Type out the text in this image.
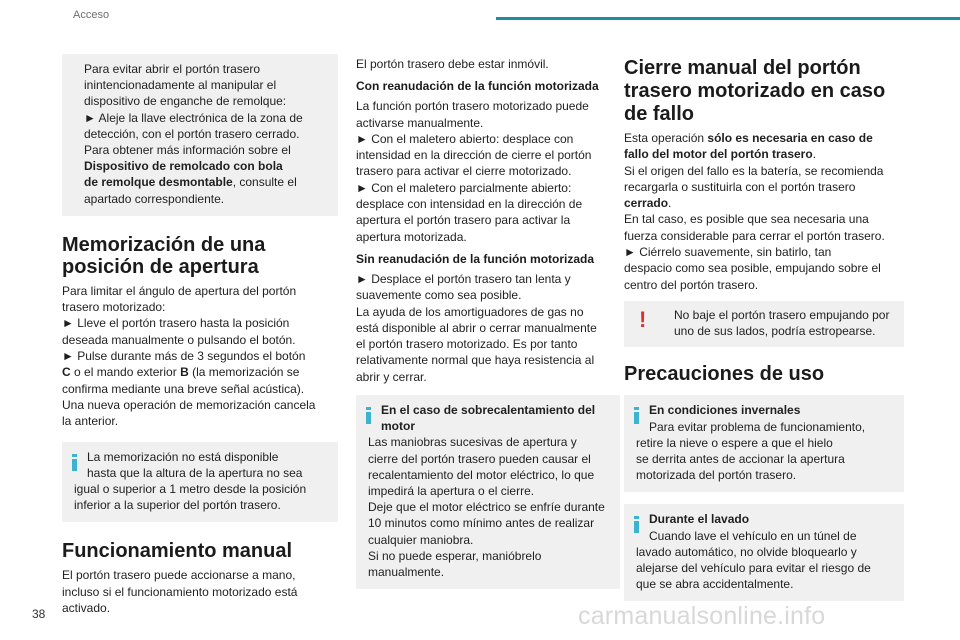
Acceso
Para evitar abrir el portón trasero
inintencionadamente al manipular el
dispositivo de enganche de remolque:
► Aleje la llave electrónica de la zona de
detección, con el portón trasero cerrado.
Para obtener más información sobre el
Dispositivo de remolcado con bola
de remolque desmontable, consulte el
apartado correspondiente.
Memorización de una
posición de apertura
Para limitar el ángulo de apertura del portón
trasero motorizado:
► Lleve el portón trasero hasta la posición
deseada manualmente o pulsando el botón.
► Pulse durante más de 3 segundos el botón
C o el mando exterior B (la memorización se
confirma mediante una breve señal acústica).
Una nueva operación de memorización cancela
la anterior.
La memorización no está disponible
hasta que la altura de la apertura no sea
igual o superior a 1 metro desde la posición
inferior a la superior del portón trasero.
Funcionamiento manual
El portón trasero puede accionarse a mano,
incluso si el funcionamiento motorizado está
activado.
El portón trasero debe estar inmóvil.
Con reanudación de la función motorizada
La función portón trasero motorizado puede
activarse manualmente.
► Con el maletero abierto: desplace con
intensidad en la dirección de cierre el portón
trasero para activar el cierre motorizado.
► Con el maletero parcialmente abierto:
desplace con intensidad en la dirección de
apertura el portón trasero para activar la
apertura motorizada.
Sin reanudación de la función motorizada
► Desplace el portón trasero tan lenta y
suavemente como sea posible.
La ayuda de los amortiguadores de gas no
está disponible al abrir o cerrar manualmente
el portón trasero motorizado. Es por tanto
relativamente normal que haya resistencia al
abrir y cerrar.
En el caso de sobrecalentamiento del
motor
Las maniobras sucesivas de apertura y
cierre del portón trasero pueden causar el
recalentamiento del motor eléctrico, lo que
impedirá la apertura o el cierre.
Deje que el motor eléctrico se enfríe durante
10 minutos como mínimo antes de realizar
cualquier maniobra.
Si no puede esperar, manióbrelo
manualmente.
Cierre manual del portón
trasero motorizado en caso
de fallo
Esta operación sólo es necesaria en caso de
fallo del motor del portón trasero.
Si el origen del fallo es la batería, se recomienda
recargarla o sustituirla con el portón trasero
cerrado.
En tal caso, es posible que sea necesaria una
fuerza considerable para cerrar el portón trasero.
► Ciérrelo suavemente, sin batirlo, tan
despacio como sea posible, empujando sobre el
centro del portón trasero.
! No baje el portón trasero empujando por
uno de sus lados, podría estropearse.
Precauciones de uso
En condiciones invernales
Para evitar problema de funcionamiento,
retire la nieve o espere a que el hielo
se derrita antes de accionar la apertura
motorizada del portón trasero.
Durante el lavado
Cuando lave el vehículo en un túnel de
lavado automático, no olvide bloquearlo y
alejarse del vehículo para evitar el riesgo de
que se abra accidentalmente.
38	carmanualsonline.info
